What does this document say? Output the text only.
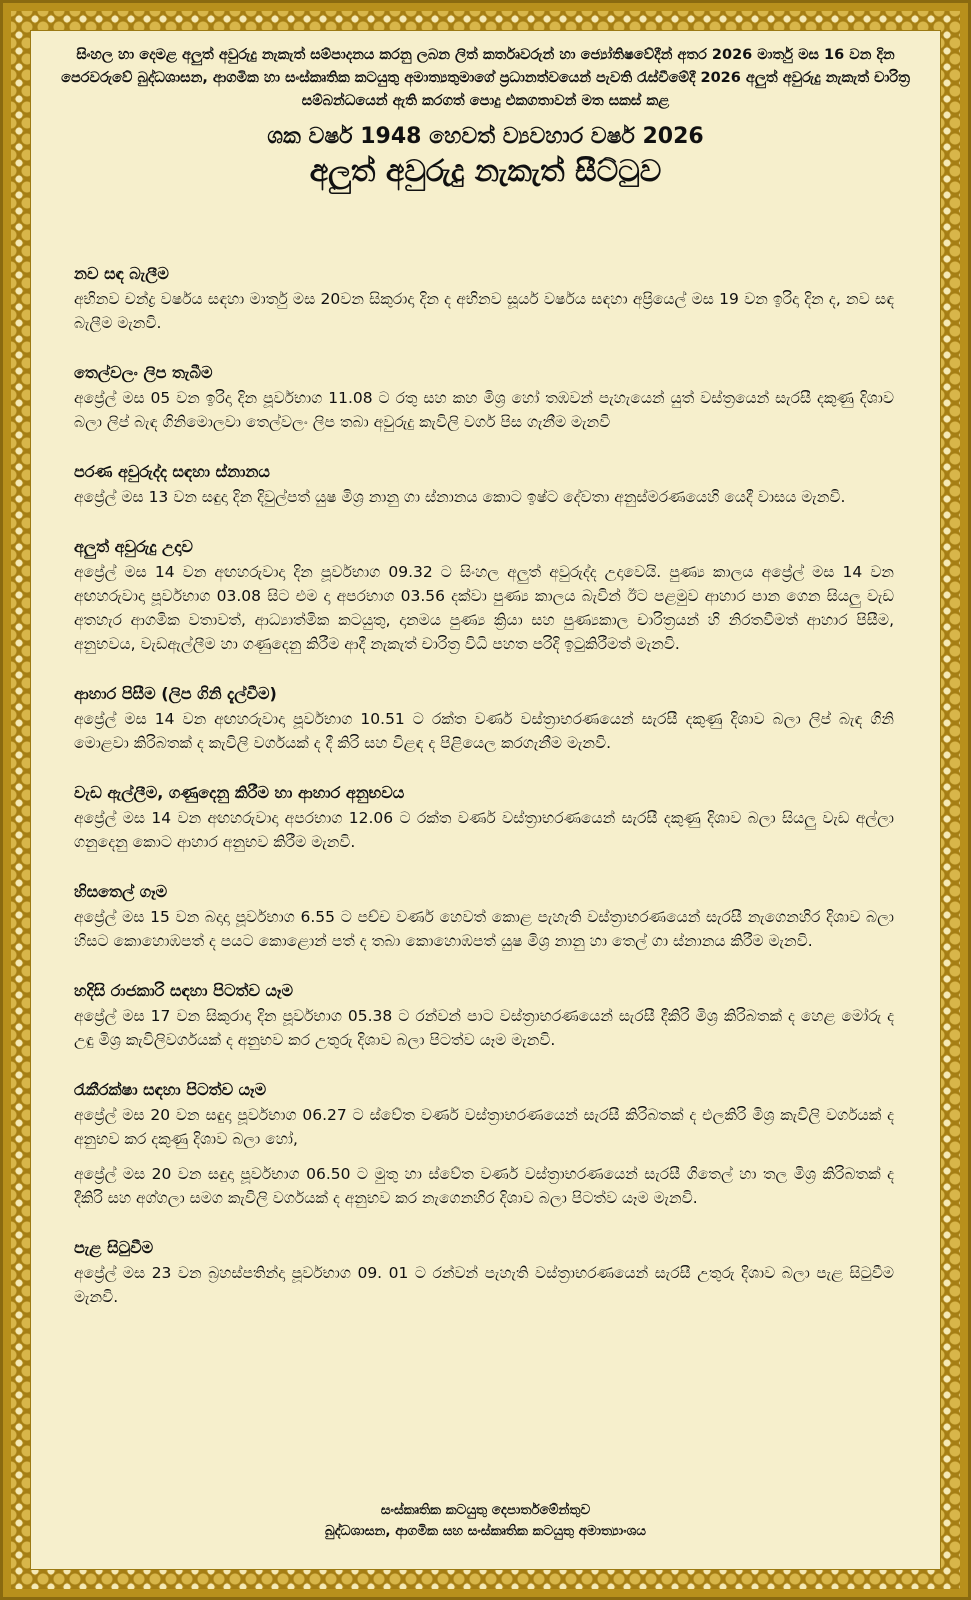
සිංහල හා දෙමළ අලුත් අවුරුදු නැකැත් සම්පාදනය කරනු ලබන ලිත් කර්තෘවරුන් හා ජ්‍යෝතිෂවේදීන් අතර 2026 මාර්තු මස 16 වන දින පෙරවරුවේ බුද්ධශාසන, ආගමික හා සංස්කෘතික කටයුතු අමාත්‍යතුමාගේ ප්‍රධානත්වයෙන් පැවති රැස්වීමේදී 2026 අලුත් අවුරුදු නැකැත් චාරිත්‍ර සම්බන්ධයෙන් ඇති කරගත් පොදු එකගතාවන් මත සකස් කළ

ශක වර්ෂ 1948 හෙවත් ව්‍යවහාර වර්ෂ 2026
අලුත් අවුරුදු නැකැත් සීට්ටුව
නව සඳ බැලීම

අභිනව චන්ද්‍ර වර්ෂය සඳහා මාර්තු මස 20වන සිකුරාදා දින ද අභිනව සූර්ය වර්ෂය සඳහා අප්‍රියෙල් මස 19 වන ඉරිදා දින ද, නව සඳ බැලීම මැනවි.

තෙල්වලං ලිප තැබීම

අප්‍රේල් මස 05 වන ඉරිදා දින පූර්වභාග 11.08 ට රතු සහ කහ මිශ්‍ර හෝ තඹවන් පැහැයෙන් යුත් වස්ත්‍රයෙන් සැරසී දකුණු දිශාව බලා ලිප් බැඳ ගිනිමොලවා තෙල්වලං ලිප තබා අවුරුදු කැවිලි වර්ග පිස ගැනීම මැනවි

පරණ අවුරුද්ද සඳහා ස්නානය

අප්‍රේල් මස 13 වන සඳුදා දින දිවුල්පත් යුෂ මිශ්‍ර නානු ගා ස්නානය කොට ඉෂ්ට දේවතා අනුස්මරණයෙහි යෙදී වාසය මැනවි.

අලුත් අවුරුදු උදාව

අප්‍රේල් මස 14 වන අඟහරුවාදා දින පූර්වභාග 09.32 ට සිංහල අලුත් අවුරුද්ද උදාවෙයි. පුණ්‍ය කාලය අප්‍රේල් මස 14 වන අඟහරුවාදා පූර්වභාග 03.08 සිට එම දා අපරභාග 03.56 දක්වා පුණ්‍ය කාලය බැවින් ඊට පළමුව ආහාර පාන ගෙන සියලු වැඩ අතහැර ආගමික වතාවත්, ආධ්‍යාත්මික කටයුතු, දානමය පුණ්‍ය ක්‍රියා සහ පුණ්‍යකාල චාරිත්‍රයන් හි නිරතවීමත් ආහාර පිසීම, අනුභවය, වැඩඇල්ලීම හා ගණුදෙනු කිරීම ආදී නැකැත් චාරිත්‍ර විධි පහත පරිදි ඉටුකිරීමත් මැනවි.

ආහාර පිසීම (ලිප ගිනි දැල්වීම)

අප්‍රේල් මස 14 වන අඟහරුවාදා පූර්වභාග 10.51 ට රක්ත වර්ණ වස්ත්‍රාභරණයෙන් සැරසී දකුණු දිශාව බලා ලිප් බැඳ ගිනි මොළවා කිරිබතක් ද කැවිලි වර්ගයක් ද දී කිරි සහ විළඳ ද පිළියෙල කරගැනීම මැනවි.

වැඩ ඇල්ලීම, ගණුදෙනු කිරීම හා ආහාර අනුභවය

අප්‍රේල් මස 14 වන අඟහරුවාදා අපරභාග 12.06 ට රක්ත වර්ණ වස්ත්‍රාභරණයෙන් සැරසී දකුණු දිශාව බලා සියලු වැඩ අල්ලා ගනුදෙනු කොට ආහාර අනුභව කිරීම මැනවි.

හිසතෙල් ගෑම

අප්‍රේල් මස 15 වන බදාදා පූර්වභාග 6.55 ට පච්ච වර්ණ හෙවත් කොළ පැහැති වස්ත්‍රාභරණයෙන් සැරසී නැගෙනහිර දිශාව බලා හිසට කොහොඹපත් ද පයට කොළොන් පත් ද තබා කොහොඹපත් යුෂ මිශ්‍ර නානු හා තෙල් ගා ස්නානය කිරීම මැනවි.

හදිසි රාජකාරි සඳහා පිටත්ව යෑම

අප්‍රේල් මස 17 වන සිකුරාදා දින පූර්වභාග 05.38 ට රන්වන් පාට වස්ත්‍රාභරණයෙන් සැරසී දීකිරි මිශ්‍ර කිරිබතක් ද හෙළ මෝරු ද උඳු මිශ්‍ර කැවිලිවර්ගයක් ද අනුභව කර උතුරු දිශාව බලා පිටත්ව යෑම මැනවි.

රැකීරක්ෂා සඳහා පිටත්ව යෑම

අප්‍රේල් මස 20 වන සඳුදා පූර්වභාග 06.27 ට ස්වේත වර්ණ වස්ත්‍රාභරණයෙන් සැරසී කිරිබතක් ද එලකිරි මිශ්‍ර කැවිලි වර්ගයක් ද අනුභව කර දකුණු දිශාව බලා හෝ,

අප්‍රේල් මස 20 වන සඳුදා පූර්වභාග 06.50 ට මුතු හා ස්වේත වර්ණ වස්ත්‍රාභරණයෙන් සැරසී ගිතෙල් හා තල මිශ්‍ර කිරිබතක් ද දීකිරි සහ අග්ගලා සමග කැවිලි වර්ගයක් ද අනුභව කර නැගෙනහිර දිශාව බලා පිටත්ව යෑම මැනවි.

පැළ සිටුවීම

අප්‍රේල් මස 23 වන බ්‍රහස්පතින්දා පූර්වභාග 09. 01 ට රන්වන් පැහැති වස්ත්‍රාභරණයෙන් සැරසී උතුරු දිශාව බලා පැළ සිටුවීම මැනවි.

සංස්කෘතික කටයුතු දෙපාර්තමේන්තුව
බුද්ධශාසන, ආගමික සහ සංස්කෘතික කටයුතු අමාත්‍යාංශය
